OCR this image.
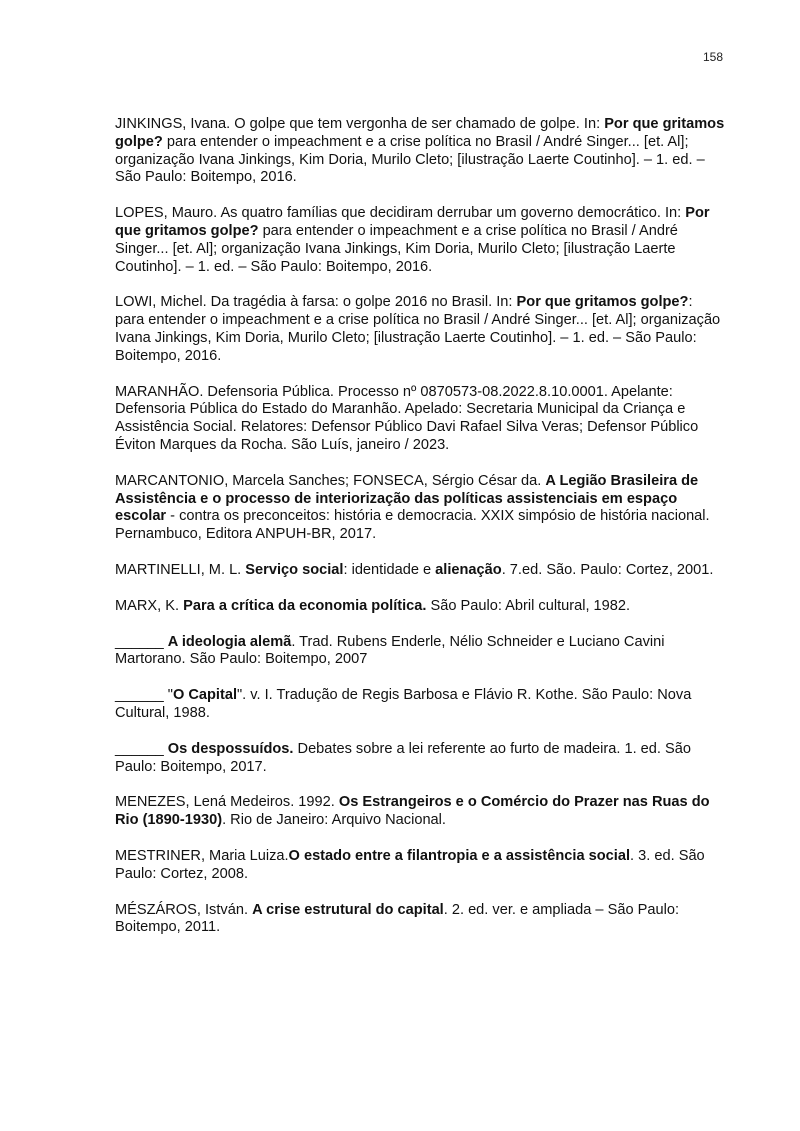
158

JINKINGS, Ivana. O golpe que tem vergonha de ser chamado de golpe. In: Por que gritamos golpe? para entender o impeachment e a crise política no Brasil / André Singer... [et. Al]; organização Ivana Jinkings, Kim Doria, Murilo Cleto; [ilustração Laerte Coutinho]. – 1. ed. – São Paulo: Boitempo, 2016.

LOPES, Mauro. As quatro famílias que decidiram derrubar um governo democrático. In: Por que gritamos golpe? para entender o impeachment e a crise política no Brasil / André Singer... [et. Al]; organização Ivana Jinkings, Kim Doria, Murilo Cleto; [ilustração Laerte Coutinho]. – 1. ed. – São Paulo: Boitempo, 2016.

LOWI, Michel. Da tragédia à farsa: o golpe 2016 no Brasil. In: Por que gritamos golpe?: para entender o impeachment e a crise política no Brasil / André Singer... [et. Al]; organização Ivana Jinkings, Kim Doria, Murilo Cleto; [ilustração Laerte Coutinho]. – 1. ed. – São Paulo: Boitempo, 2016.

MARANHÃO. Defensoria Pública. Processo nº 0870573-08.2022.8.10.0001. Apelante: Defensoria Pública do Estado do Maranhão. Apelado: Secretaria Municipal da Criança e Assistência Social. Relatores: Defensor Público Davi Rafael Silva Veras; Defensor Público Éviton Marques da Rocha. São Luís, janeiro / 2023.

MARCANTONIO, Marcela Sanches; FONSECA, Sérgio César da. A Legião Brasileira de Assistência e o processo de interiorização das políticas assistenciais em espaço escolar - contra os preconceitos: história e democracia. XXIX simpósio de história nacional. Pernambuco, Editora ANPUH-BR, 2017.

MARTINELLI, M. L. Serviço social: identidade e alienação. 7.ed. São. Paulo: Cortez, 2001.

MARX, K. Para a crítica da economia política. São Paulo: Abril cultural, 1982.

______ A ideologia alemã. Trad. Rubens Enderle, Nélio Schneider e Luciano Cavini Martorano. São Paulo: Boitempo, 2007

______ "O Capital". v. I. Tradução de Regis Barbosa e Flávio R. Kothe. São Paulo: Nova Cultural, 1988.

______ Os despossuídos. Debates sobre a lei referente ao furto de madeira. 1. ed. São Paulo: Boitempo, 2017.

MENEZES, Lená Medeiros. 1992. Os Estrangeiros e o Comércio do Prazer nas Ruas do Rio (1890-1930). Rio de Janeiro: Arquivo Nacional.

MESTRINER, Maria Luiza.O estado entre a filantropia e a assistência social. 3. ed. São Paulo: Cortez, 2008.

MÉSZÁROS, István. A crise estrutural do capital. 2. ed. ver. e ampliada – São Paulo: Boitempo, 2011.
